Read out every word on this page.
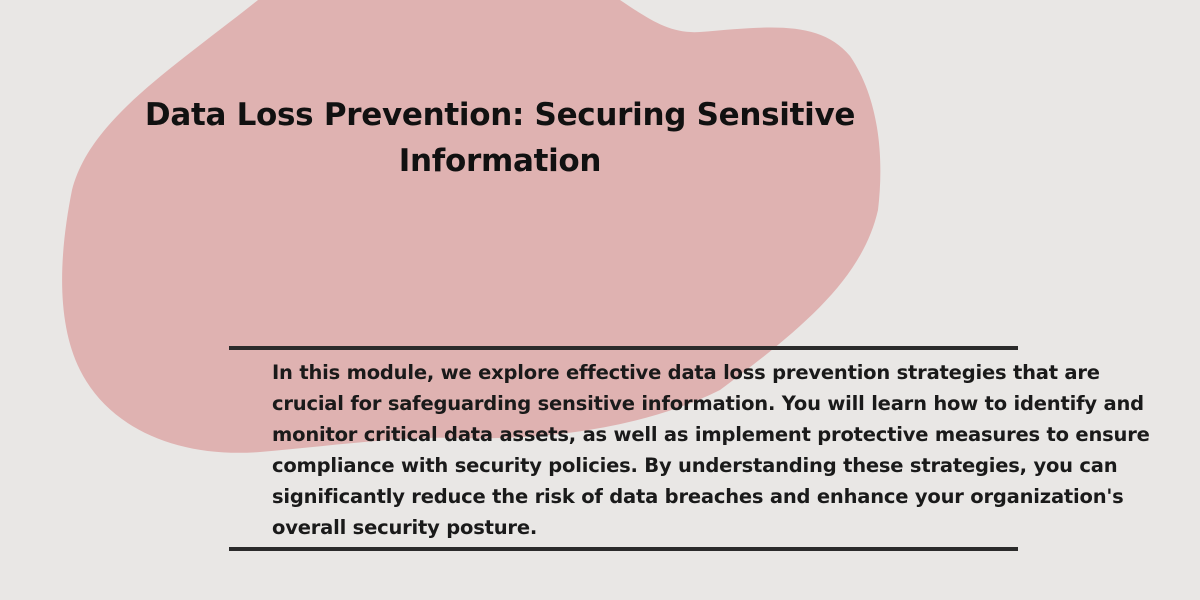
Data Loss Prevention: Securing Sensitive Information

In this module, we explore effective data loss prevention strategies that are crucial for safeguarding sensitive information. You will learn how to identify and monitor critical data assets, as well as implement protective measures to ensure compliance with security policies. By understanding these strategies, you can significantly reduce the risk of data breaches and enhance your organization's overall security posture.
